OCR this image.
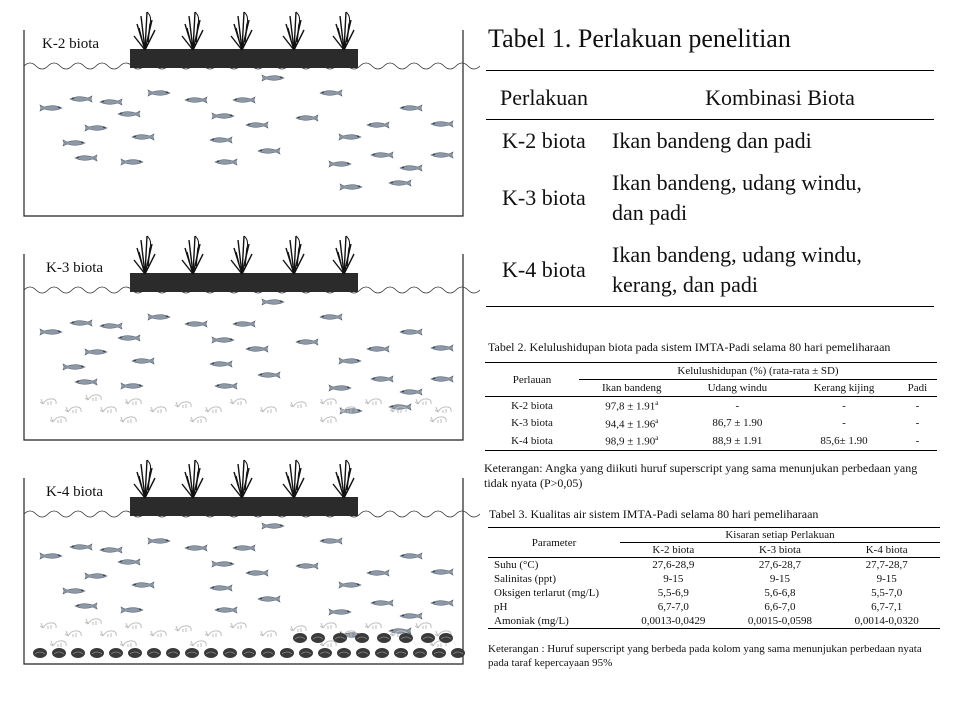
K-2 biota
K-3 biota
K-4 biota
Tabel 1. Perlakuan penelitian
Perlakuan	Kombinasi Biota
K-2 biota	Ikan bandeng dan padi

K-3 biota	Ikan bandeng, udang windu,
dan padi

K-4 biota	Ikan bandeng, udang windu,
kerang, dan padi
Tabel 2. Kelulushidupan biota pada sistem IMTA-Padi selama 80 hari pemeliharaan
Perlauan	Kelulushidupan (%) (rata-rata ± SD)			
	Ikan bandeng	Udang windu	Kerang kijing	Padi
K-2 biota	97,8 ± 1.91$^a$	-	-	-
K-3 biota	94,4 ± 1.96$^a$	86,7 ± 1.90	-	-
K-4 biota	98,9 ± 1.90$^a$	88,9 ± 1.91	85,6± 1.90	-
Keterangan: Angka yang diikuti huruf superscript yang sama menunjukan perbedaan yang tidak nyata (P>0,05)
Tabel 3. Kualitas air sistem IMTA-Padi selama 80 hari pemeliharaan
Parameter	Kisaran setiap Perlakuan		
	K-2 biota	K-3 biota	K-4 biota
Suhu (°C)	27,6-28,9	27,6-28,7	27,7-28,7
Salinitas (ppt)	9-15	9-15	9-15
Oksigen terlarut (mg/L)	5,5-6,9	5,6-6,8	5,5-7,0
pH	6,7-7,0	6,6-7,0	6,7-7,1
Amoniak (mg/L)	0,0013-0,0429	0,0015-0,0598	0,0014-0,0320
Keterangan : Huruf superscript yang berbeda pada kolom yang sama menunjukan perbedaan nyata pada taraf kepercayaan 95%
